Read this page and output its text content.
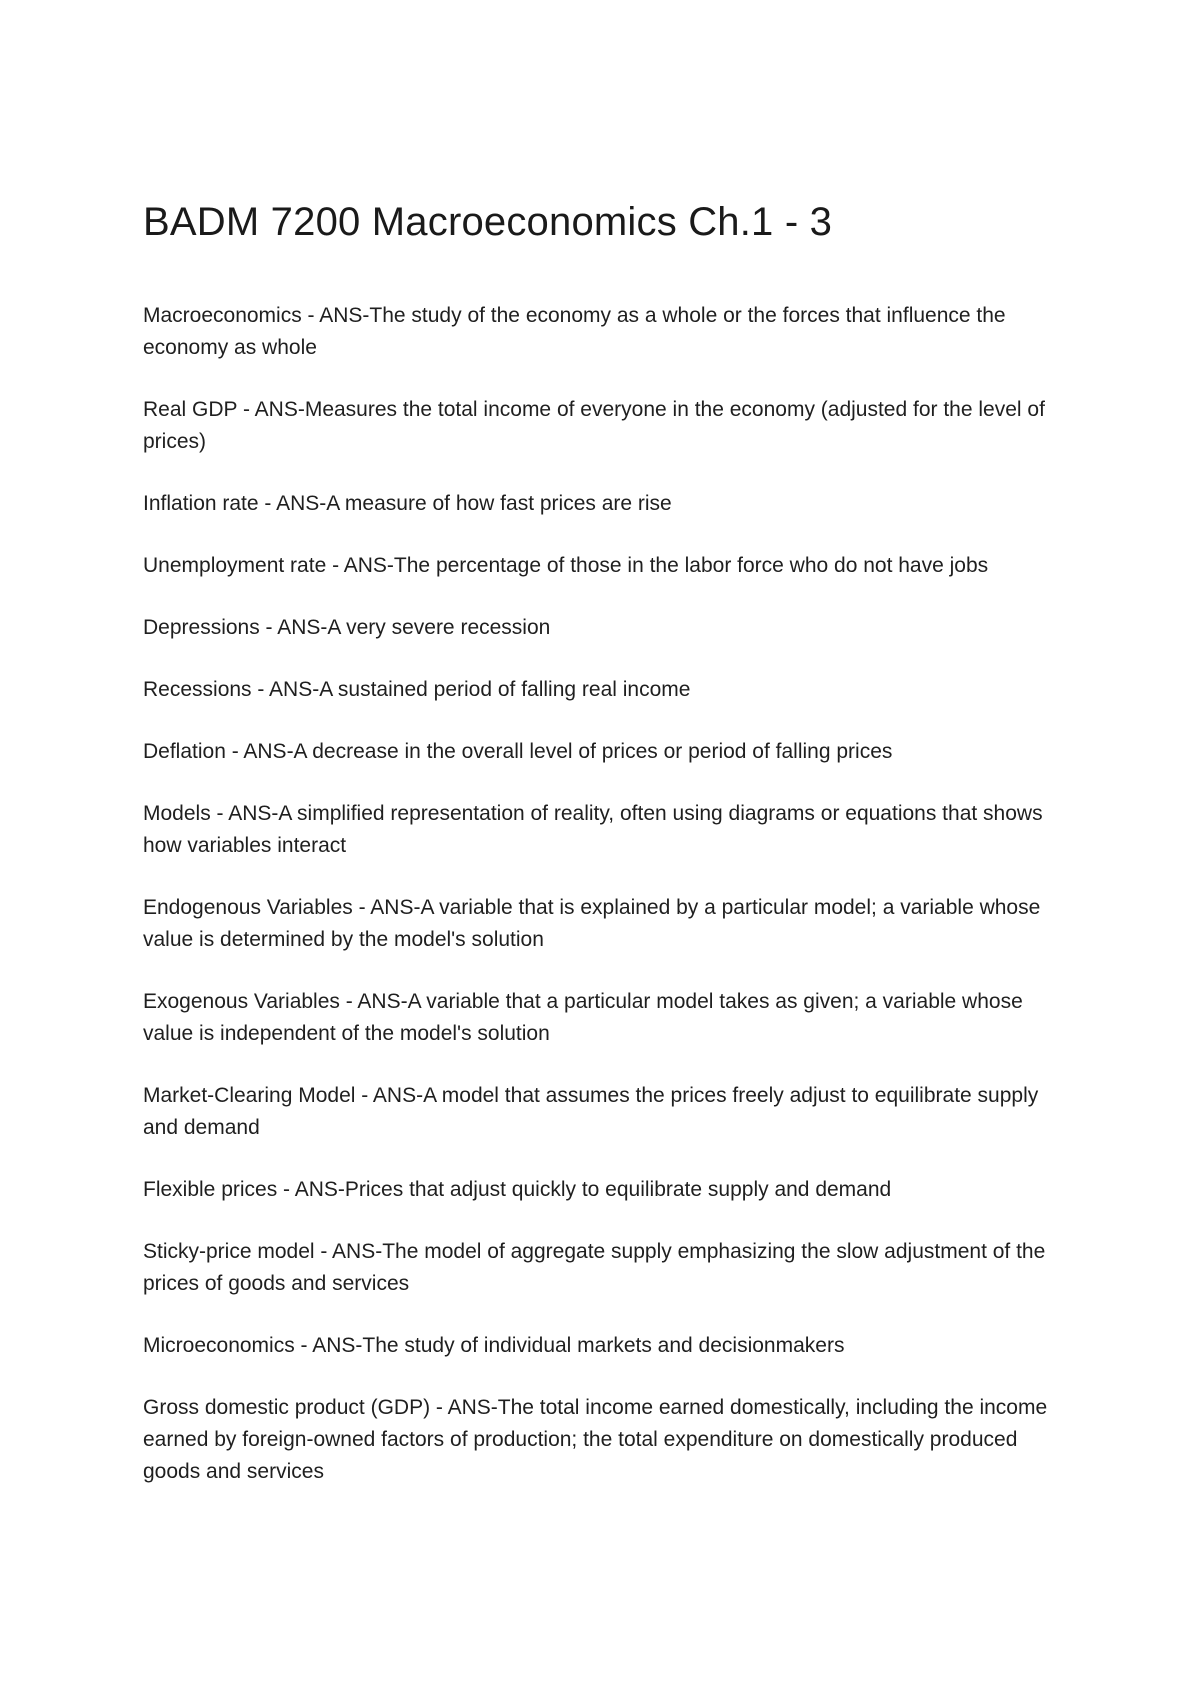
BADM 7200 Macroeconomics Ch.1 - 3
Macroeconomics - ANS-The study of the economy as a whole or the forces that influence the economy as whole
Real GDP - ANS-Measures the total income of everyone in the economy (adjusted for the level of prices)
Inflation rate - ANS-A measure of how fast prices are rise
Unemployment rate - ANS-The percentage of those in the labor force who do not have jobs
Depressions - ANS-A very severe recession
Recessions - ANS-A sustained period of falling real income
Deflation - ANS-A decrease in the overall level of prices or period of falling prices
Models - ANS-A simplified representation of reality, often using diagrams or equations that shows how variables interact
Endogenous Variables - ANS-A variable that is explained by a particular model; a variable whose value is determined by the model's solution
Exogenous Variables - ANS-A variable that a particular model takes as given; a variable whose value is independent of the model's solution
Market-Clearing Model - ANS-A model that assumes the prices freely adjust to equilibrate supply and demand
Flexible prices - ANS-Prices that adjust quickly to equilibrate supply and demand
Sticky-price model - ANS-The model of aggregate supply emphasizing the slow adjustment of the prices of goods and services
Microeconomics - ANS-The study of individual markets and decisionmakers
Gross domestic product (GDP) - ANS-The total income earned domestically, including the income earned by foreign-owned factors of production; the total expenditure on domestically produced goods and services
